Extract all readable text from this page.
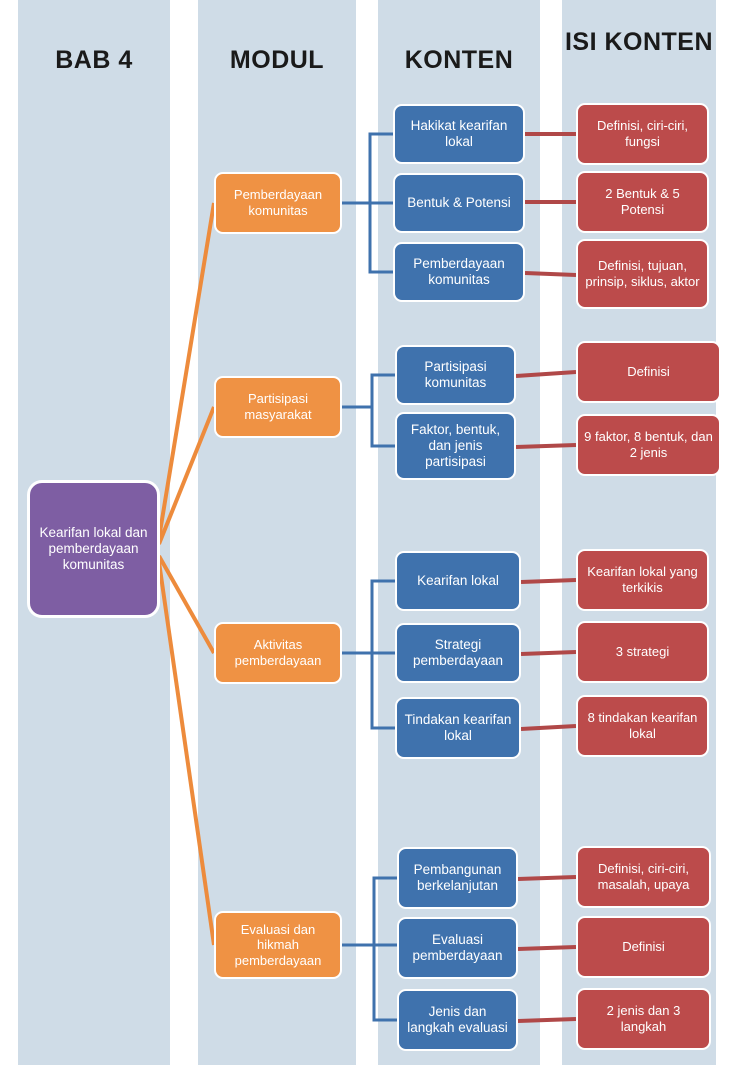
BAB 4	MODUL	KONTEN
ISI KONTEN
Kearifan lokal dan pemberdayaan komunitas
Pemberdayaan komunitas
Partisipasi masyarakat
Aktivitas pemberdayaan
Evaluasi dan hikmah pemberdayaan
Hakikat kearifan lokal
Bentuk & Potensi
Pemberdayaan komunitas
Partisipasi komunitas
Faktor, bentuk, dan jenis partisipasi
Kearifan lokal
Strategi pemberdayaan
Tindakan kearifan lokal
Pembangunan berkelanjutan
Evaluasi pemberdayaan
Jenis dan langkah evaluasi
Definisi, ciri-ciri, fungsi
2 Bentuk & 5 Potensi
Definisi, tujuan, prinsip, siklus, aktor
Definisi
9 faktor, 8 bentuk, dan 2 jenis
Kearifan lokal yang terkikis
3 strategi
8 tindakan kearifan lokal
Definisi, ciri-ciri, masalah, upaya
Definisi
2 jenis dan 3 langkah
